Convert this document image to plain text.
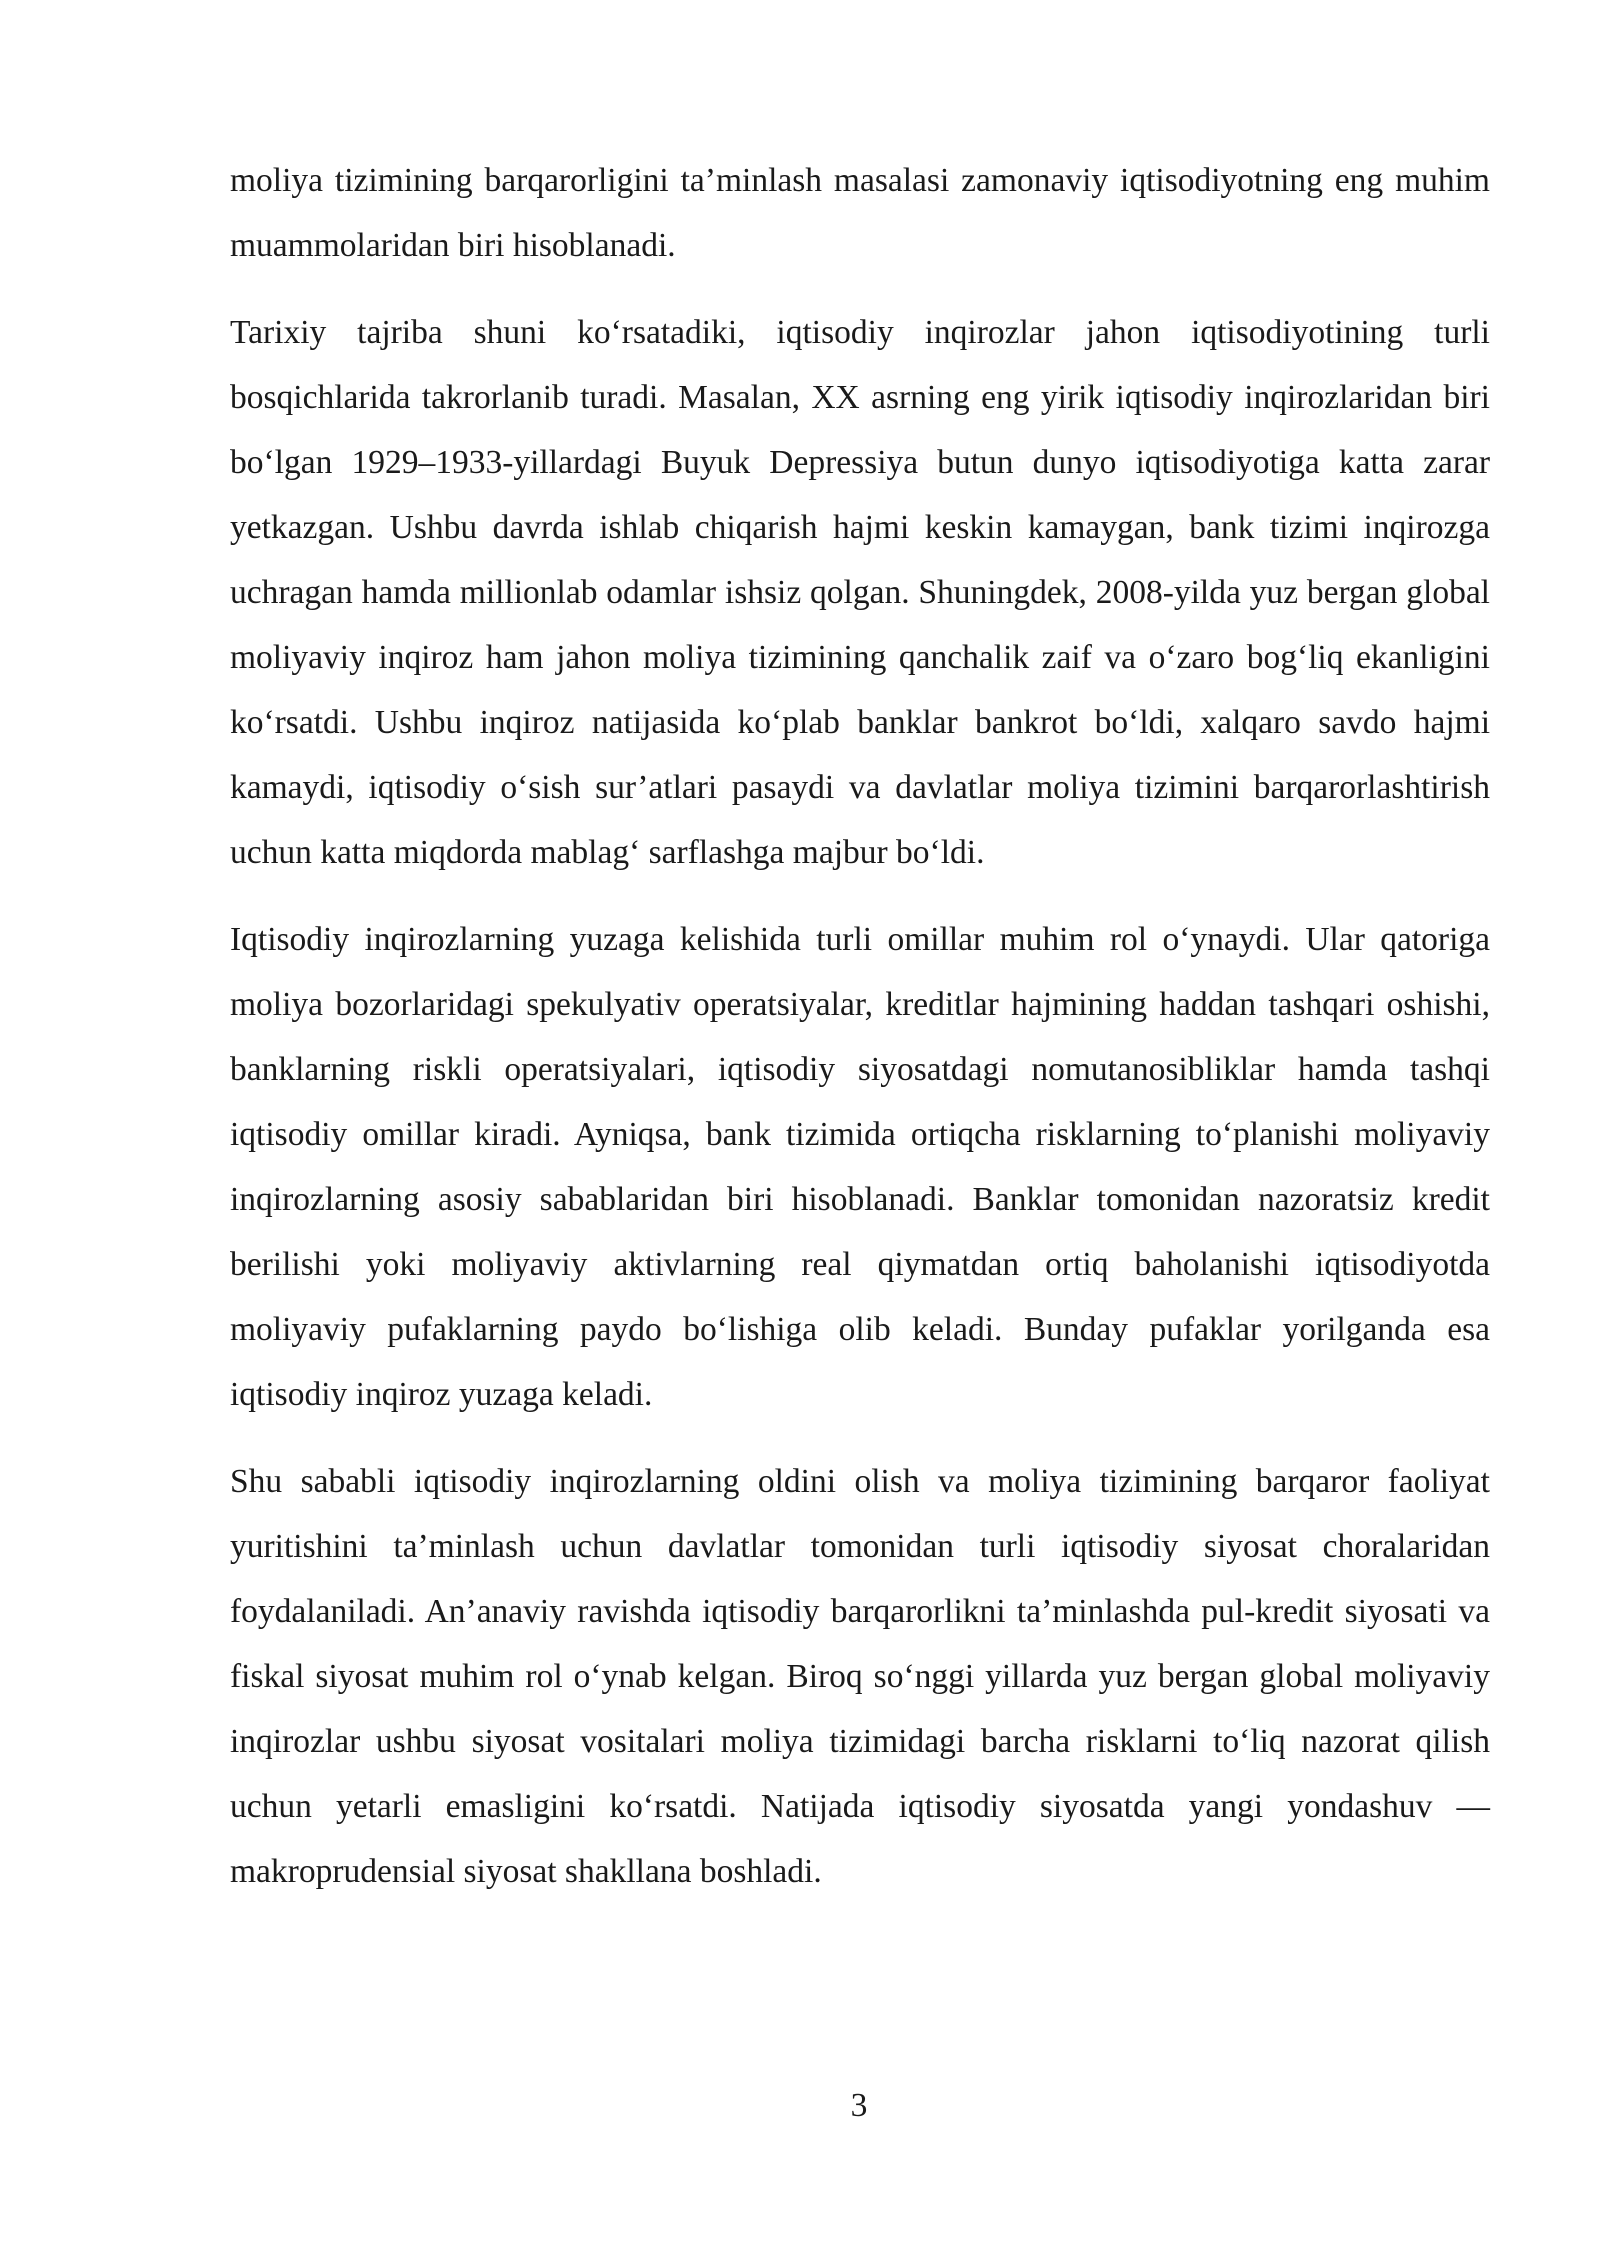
moliya tizimining barqarorligini ta’minlash masalasi zamonaviy iqtisodiyotning eng muhim muammolaridan biri hisoblanadi.

Tarixiy tajriba shuni ko‘rsatadiki, iqtisodiy inqirozlar jahon iqtisodiyotining turli bosqichlarida takrorlanib turadi. Masalan, XX asrning eng yirik iqtisodiy inqirozlaridan biri bo‘lgan 1929–1933-yillardagi Buyuk Depressiya butun dunyo iqtisodiyotiga katta zarar yetkazgan. Ushbu davrda ishlab chiqarish hajmi keskin kamaygan, bank tizimi inqirozga uchragan hamda millionlab odamlar ishsiz qolgan. Shuningdek, 2008-yilda yuz bergan global moliyaviy inqiroz ham jahon moliya tizimining qanchalik zaif va o‘zaro bog‘liq ekanligini ko‘rsatdi. Ushbu inqiroz natijasida ko‘plab banklar bankrot bo‘ldi, xalqaro savdo hajmi kamaydi, iqtisodiy o‘sish sur’atlari pasaydi va davlatlar moliya tizimini barqarorlashtirish uchun katta miqdorda mablag‘ sarflashga majbur bo‘ldi.

Iqtisodiy inqirozlarning yuzaga kelishida turli omillar muhim rol o‘ynaydi. Ular qatoriga moliya bozorlaridagi spekulyativ operatsiyalar, kreditlar hajmining haddan tashqari oshishi, banklarning riskli operatsiyalari, iqtisodiy siyosatdagi nomutanosibliklar hamda tashqi iqtisodiy omillar kiradi. Ayniqsa, bank tizimida ortiqcha risklarning to‘planishi moliyaviy inqirozlarning asosiy sabablaridan biri hisoblanadi. Banklar tomonidan nazoratsiz kredit berilishi yoki moliyaviy aktivlarning real qiymatdan ortiq baholanishi iqtisodiyotda moliyaviy pufaklarning paydo bo‘lishiga olib keladi. Bunday pufaklar yorilganda esa iqtisodiy inqiroz yuzaga keladi.

Shu sababli iqtisodiy inqirozlarning oldini olish va moliya tizimining barqaror faoliyat yuritishini ta’minlash uchun davlatlar tomonidan turli iqtisodiy siyosat choralaridan foydalaniladi. An’anaviy ravishda iqtisodiy barqarorlikni ta’minlashda pul-kredit siyosati va fiskal siyosat muhim rol o‘ynab kelgan. Biroq so‘nggi yillarda yuz bergan global moliyaviy inqirozlar ushbu siyosat vositalari moliya tizimidagi barcha risklarni to‘liq nazorat qilish uchun yetarli emasligini ko‘rsatdi. Natijada iqtisodiy siyosatda yangi yondashuv — makroprudensial siyosat shakllana boshladi.

3
